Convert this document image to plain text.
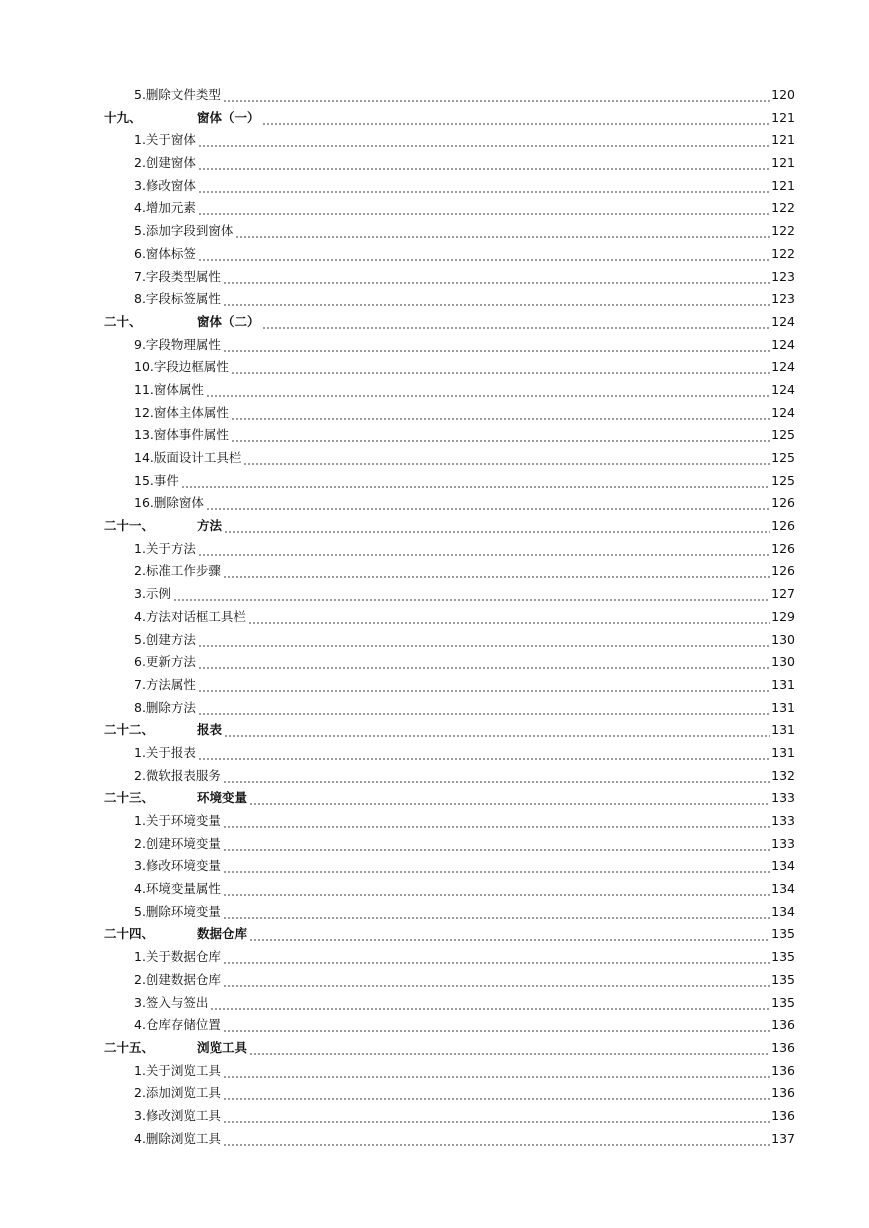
5.删除文件类型	120
十九、	窗体（一）	121
1.关于窗体	121
2.创建窗体	121
3.修改窗体	121
4.增加元素	122
5.添加字段到窗体	122
6.窗体标签	122
7.字段类型属性	123
8.字段标签属性	123
二十、	窗体（二）	124
9.字段物理属性	124
10.字段边框属性	124
11.窗体属性	124
12.窗体主体属性	124
13.窗体事件属性	125
14.版面设计工具栏	125
15.事件	125
16.删除窗体	126
二十一、	方法	126
1.关于方法	126
2.标准工作步骤	126
3.示例	127
4.方法对话框工具栏	129
5.创建方法	130
6.更新方法	130
7.方法属性	131
8.删除方法	131
二十二、	报表	131
1.关于报表	131
2.微软报表服务	132
二十三、	环境变量	133
1.关于环境变量	133
2.创建环境变量	133
3.修改环境变量	134
4.环境变量属性	134
5.删除环境变量	134
二十四、	数据仓库	135
1.关于数据仓库	135
2.创建数据仓库	135
3.签入与签出	135
4.仓库存储位置	136
二十五、	浏览工具	136
1.关于浏览工具	136
2.添加浏览工具	136
3.修改浏览工具	136
4.删除浏览工具	137
